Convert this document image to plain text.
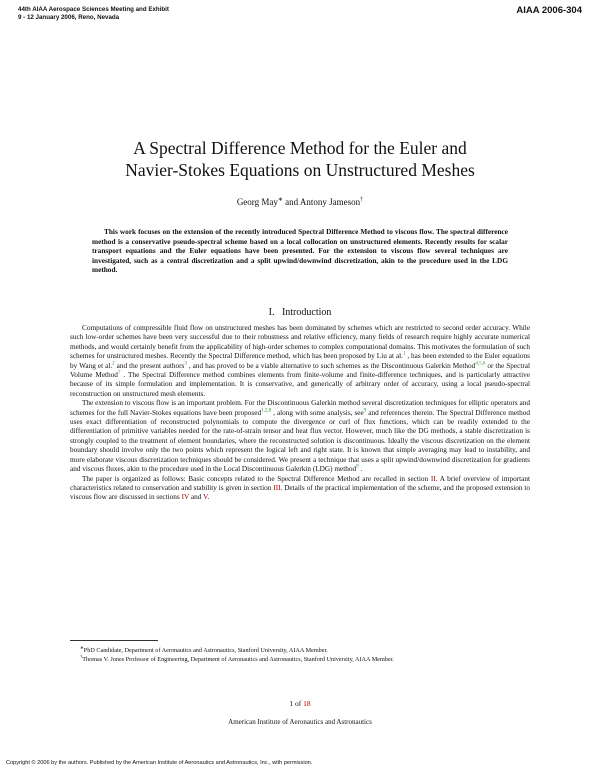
44th AIAA Aerospace Sciences Meeting and Exhibit
9 - 12 January 2006, Reno, Nevada
AIAA 2006-304
A Spectral Difference Method for the Euler and
Navier-Stokes Equations on Unstructured Meshes
Georg May∗ and Antony Jameson†
This work focuses on the extension of the recently introduced Spectral Difference Method to viscous flow. The spectral difference method is a conservative pseudo-spectral scheme based on a local collocation on unstructured elements. Recently results for scalar transport equations and the Euler equations have been presented. For the extension to viscous flow several techniques are investigated, such as a central discretization and a split upwind/downwind discretization, akin to the procedure used in the LDG method.
I. Introduction

Computations of compressible fluid flow on unstructured meshes has been dominated by schemes which are restricted to second order accuracy. While such low-order schemes have been very successful due to their robustness and relative efficiency, many fields of research require highly accurate numerical methods, and would certainly benefit from the applicability of high-order schemes to complex computational domains. This motivates the formulation of such schemes for unstructured meshes. Recently the Spectral Difference method, which has been proposed by Liu at al.$^1$ , has been extended to the Euler equations by Wang et al.$^2$ and the present authors$^3$ , and has proved to be a viable alternative to such schemes as the Discontinuous Galerkin Method$^{4,5,6}$ or the Spectral Volume Method$^7$ . The Spectral Difference method combines elements from finite-volume and finite-difference techniques, and is particularly attractive because of its simple formulation and implementation. It is conservative, and generically of arbitrary order of accuracy, using a local pseudo-spectral reconstruction on unstructured mesh elements.

The extension to viscous flow is an important problem. For the Discontinuous Galerkin method several discretization techniques for elliptic operators and schemes for the full Navier-Stokes equations have been proposed$^{1,2,8}$ , along with some analysis, see$^9$ and references therein. The Spectral Difference method uses exact differentiation of reconstructed polynomials to compute the divergence or curl of flux functions, which can be readily extended to the differentiation of primitive variables needed for the rate-of-strain tensor and heat flux vector. However, much like the DG methods, a stable discretization is strongly coupled to the treatment of element boundaries, where the reconstructed solution is discontinuous. Ideally the viscous discretization on the element boundary should involve only the two points which represent the logical left and right state. It is known that simple averaging may lead to instability, and more elaborate viscous discretization techniques should be considered. We present a technique that uses a split upwind/downwind discretization for gradients and viscous fluxes, akin to the procedure used in the Local Discontinuous Galerkin (LDG) method$^9$ .

The paper is organized as follows: Basic concepts related to the Spectral Difference Method are recalled in section II. A brief overview of important characteristics related to conservation and stability is given in section III. Details of the practical implementation of the scheme, and the proposed extension to viscous flow are discussed in sections IV and V.

∗PhD Candidate, Department of Aeronautics and Astronautics, Stanford University, AIAA Member.
†Thomas V. Jones Professor of Engineering, Department of Aeronautics and Astronautics, Stanford University, AIAA Member.
1 of 18
American Institute of Aeronautics and Astronautics
Copyright © 2006 by the authors. Published by the American Institute of Aeronautics and Astronautics, Inc., with permission.
